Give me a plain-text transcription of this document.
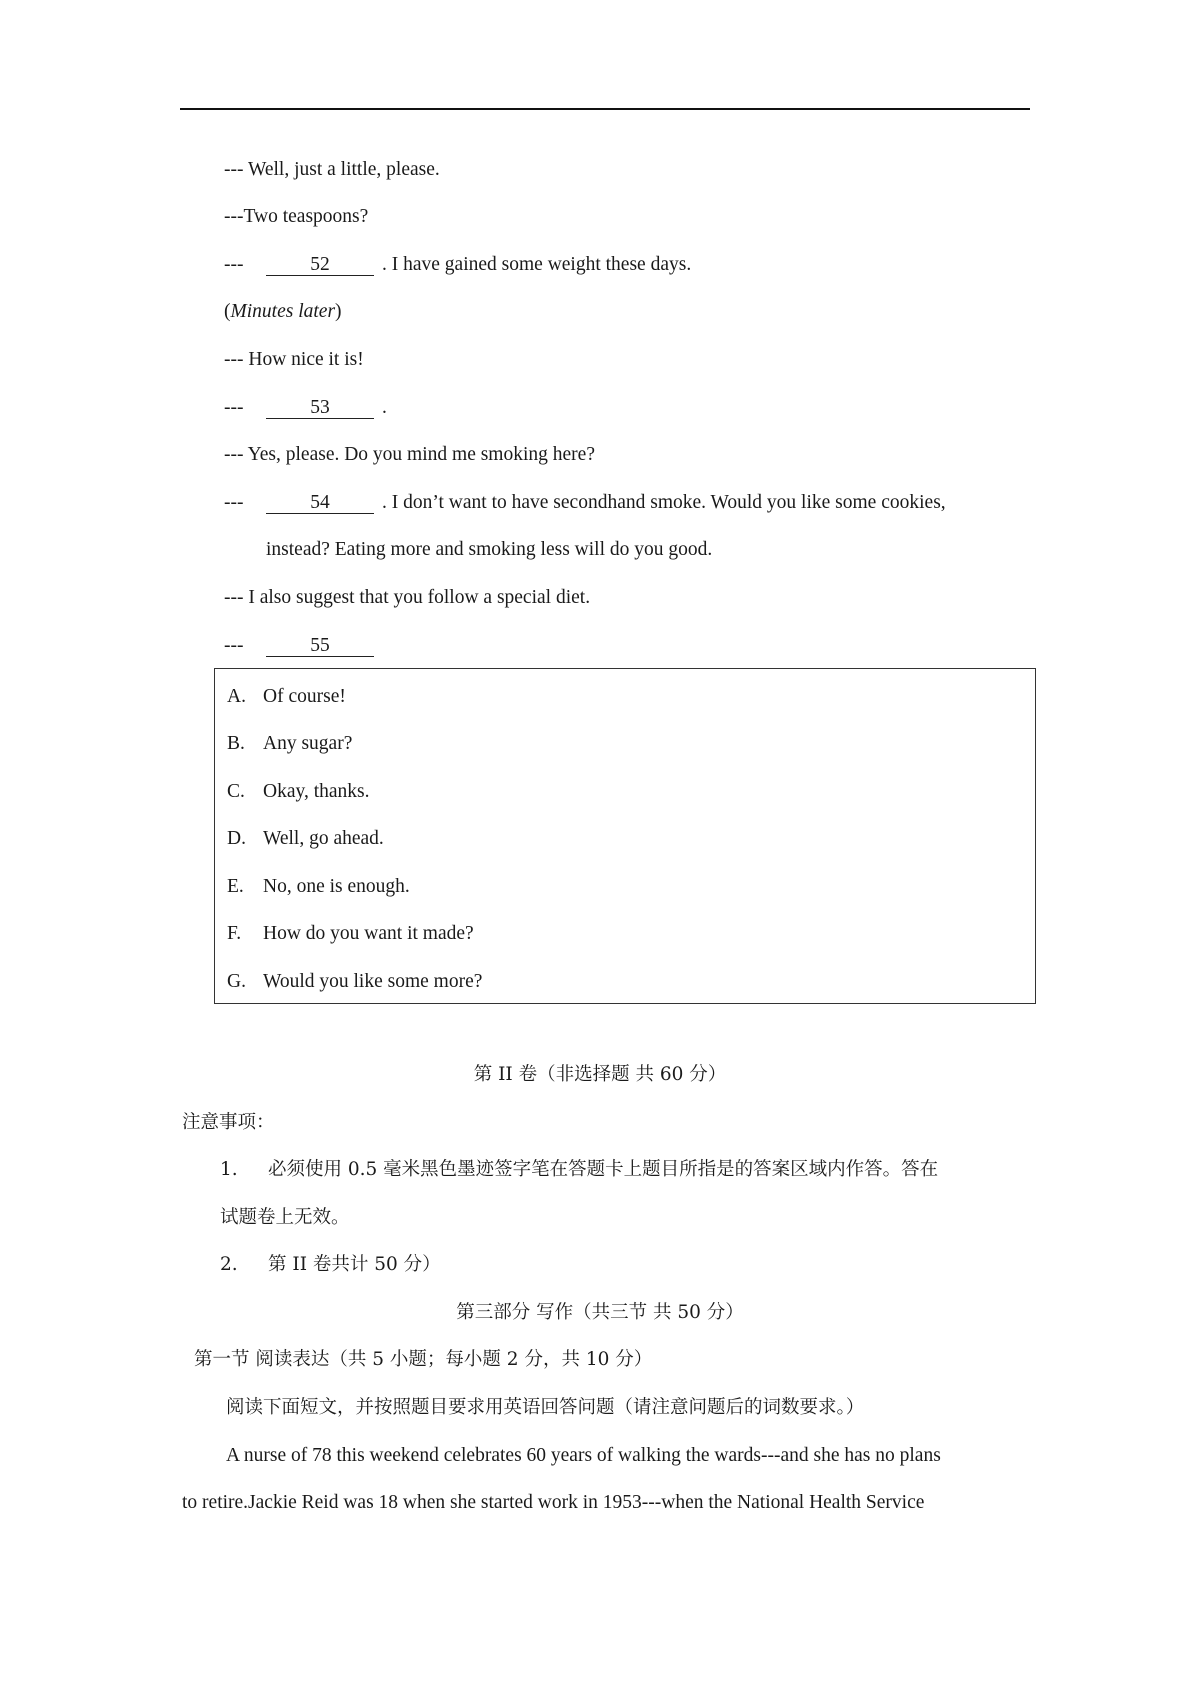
--- Well, just a little, please.
---Two teaspoons?
---	52	. I have gained some weight these days.
(Minutes later)
--- How nice it is!
---	53	.
--- Yes, please. Do you mind me smoking here?
---	54	. I don’t want to have secondhand smoke. Would you like some cookies,
instead? Eating more and smoking less will do you good.
--- I also suggest that you follow a special diet.
---	55
A. Of course!
B. Any sugar?
C. Okay, thanks.
D. Well, go ahead.
E. No, one is enough.
F. How do you want it made?
G. Would you like some more?
第 II 卷（非选择题 共 60 分）
注意事项：
1. 必须使用 0.5 毫米黑色墨迹签字笔在答题卡上题目所指是的答案区域内作答。答在
试题卷上无效。
2. 第 II 卷共计 50 分）
第三部分 写作（共三节 共 50 分）
第一节 阅读表达（共 5 小题；每小题 2 分，共 10 分）
阅读下面短文，并按照题目要求用英语回答问题（请注意问题后的词数要求。）
A nurse of 78 this weekend celebrates 60 years of walking the wards---and she has no plans
to retire.Jackie Reid was 18 when she started work in 1953---when the National Health Service
